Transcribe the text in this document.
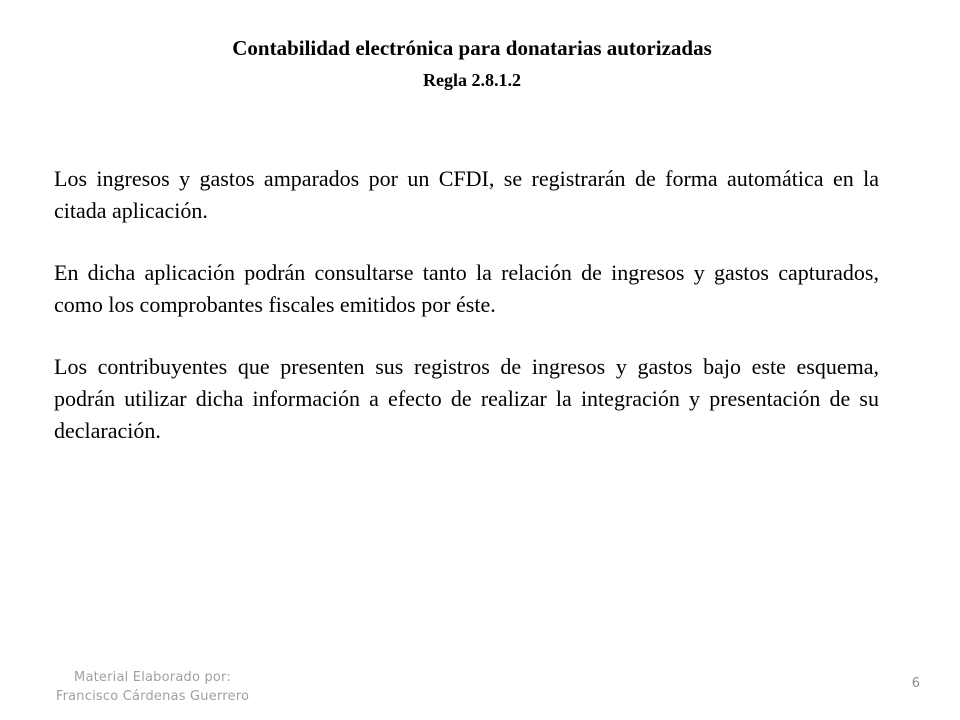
Contabilidad electrónica para donatarias autorizadas
Regla 2.8.1.2

Los ingresos y gastos amparados por un CFDI, se registrarán de forma automática en la citada aplicación.

En dicha aplicación podrán consultarse tanto la relación de ingresos y gastos capturados, como los comprobantes fiscales emitidos por éste.

Los contribuyentes que presenten sus registros de ingresos y gastos bajo este esquema, podrán utilizar dicha información a efecto de realizar la integración y presentación de su declaración.

Material Elaborado por:
Francisco Cárdenas Guerrero
6
